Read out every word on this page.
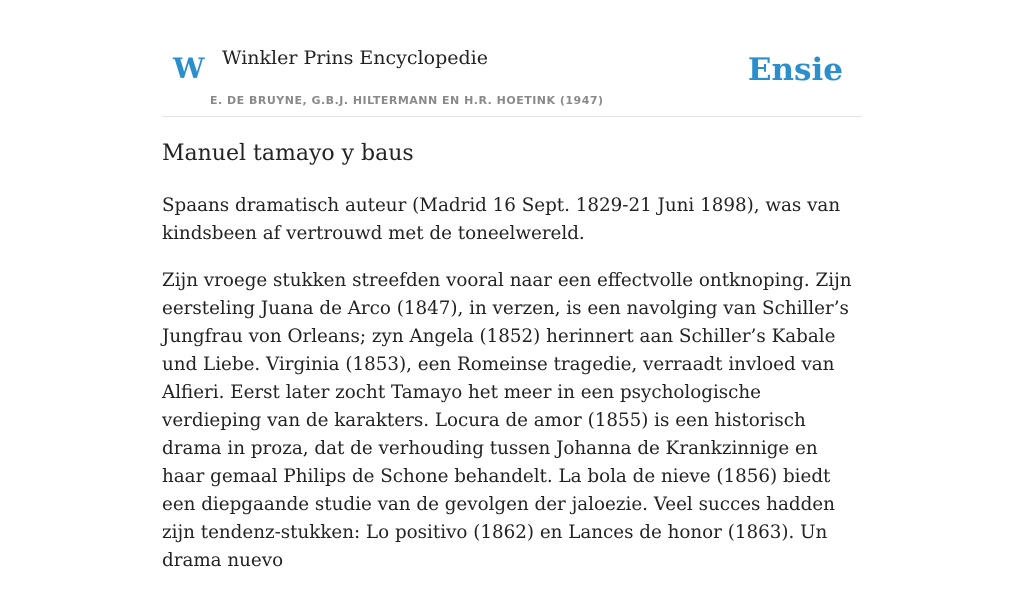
W Winkler Prins Encyclopedie
E. DE BRUYNE, G.B.J. HILTERMANN EN H.R. HOETINK (1947)
Ensie
Manuel tamayo y baus

Spaans dramatisch auteur (Madrid 16 Sept. 1829-21 Juni 1898), was van kindsbeen af vertrouwd met de toneelwereld.

Zijn vroege stukken streefden vooral naar een effectvolle ontknoping. Zijn eersteling Juana de Arco (1847), in verzen, is een navolging van Schiller’s Jungfrau von Orleans; zyn Angela (1852) herinnert aan Schiller’s Kabale und Liebe. Virginia (1853), een Romeinse tragedie, verraadt invloed van Alfieri. Eerst later zocht Tamayo het meer in een psychologische verdieping van de karakters. Locura de amor (1855) is een historisch drama in proza, dat de verhouding tussen Johanna de Krankzinnige en haar gemaal Philips de Schone behandelt. La bola de nieve (1856) biedt een diepgaande studie van de gevolgen der jaloezie. Veel succes hadden zijn tendenz-stukken: Lo positivo (1862) en Lances de honor (1863). Un drama nuevo
